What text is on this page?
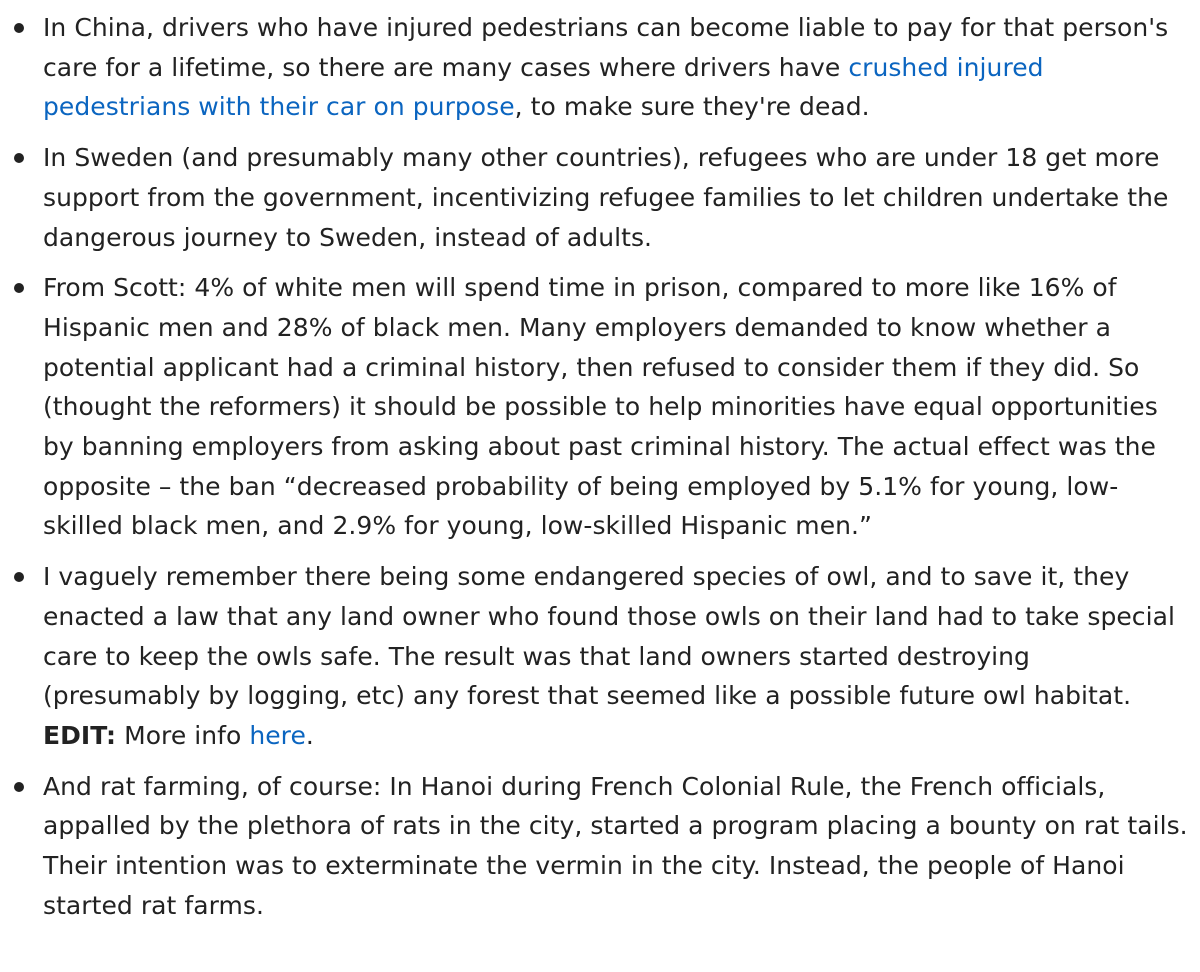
In China, drivers who have injured pedestrians can become liable to pay for that person's care for a lifetime, so there are many cases where drivers have crushed injured pedestrians with their car on purpose, to make sure they're dead.
In Sweden (and presumably many other countries), refugees who are under 18 get more support from the government, incentivizing refugee families to let children undertake the dangerous journey to Sweden, instead of adults.
From Scott: 4% of white men will spend time in prison, compared to more like 16% of Hispanic men and 28% of black men. Many employers demanded to know whether a potential applicant had a criminal history, then refused to consider them if they did. So (thought the reformers) it should be possible to help minorities have equal opportunities by banning employers from asking about past criminal history. The actual effect was the opposite – the ban “decreased probability of being employed by 5.1% for young, low-skilled black men, and 2.9% for young, low-skilled Hispanic men.”
I vaguely remember there being some endangered species of owl, and to save it, they enacted a law that any land owner who found those owls on their land had to take special care to keep the owls safe. The result was that land owners started destroying (presumably by logging, etc) any forest that seemed like a possible future owl habitat. EDIT: More info here.
And rat farming, of course: In Hanoi during French Colonial Rule, the French officials, appalled by the plethora of rats in the city, started a program placing a bounty on rat tails. Their intention was to exterminate the vermin in the city. Instead, the people of Hanoi started rat farms.
